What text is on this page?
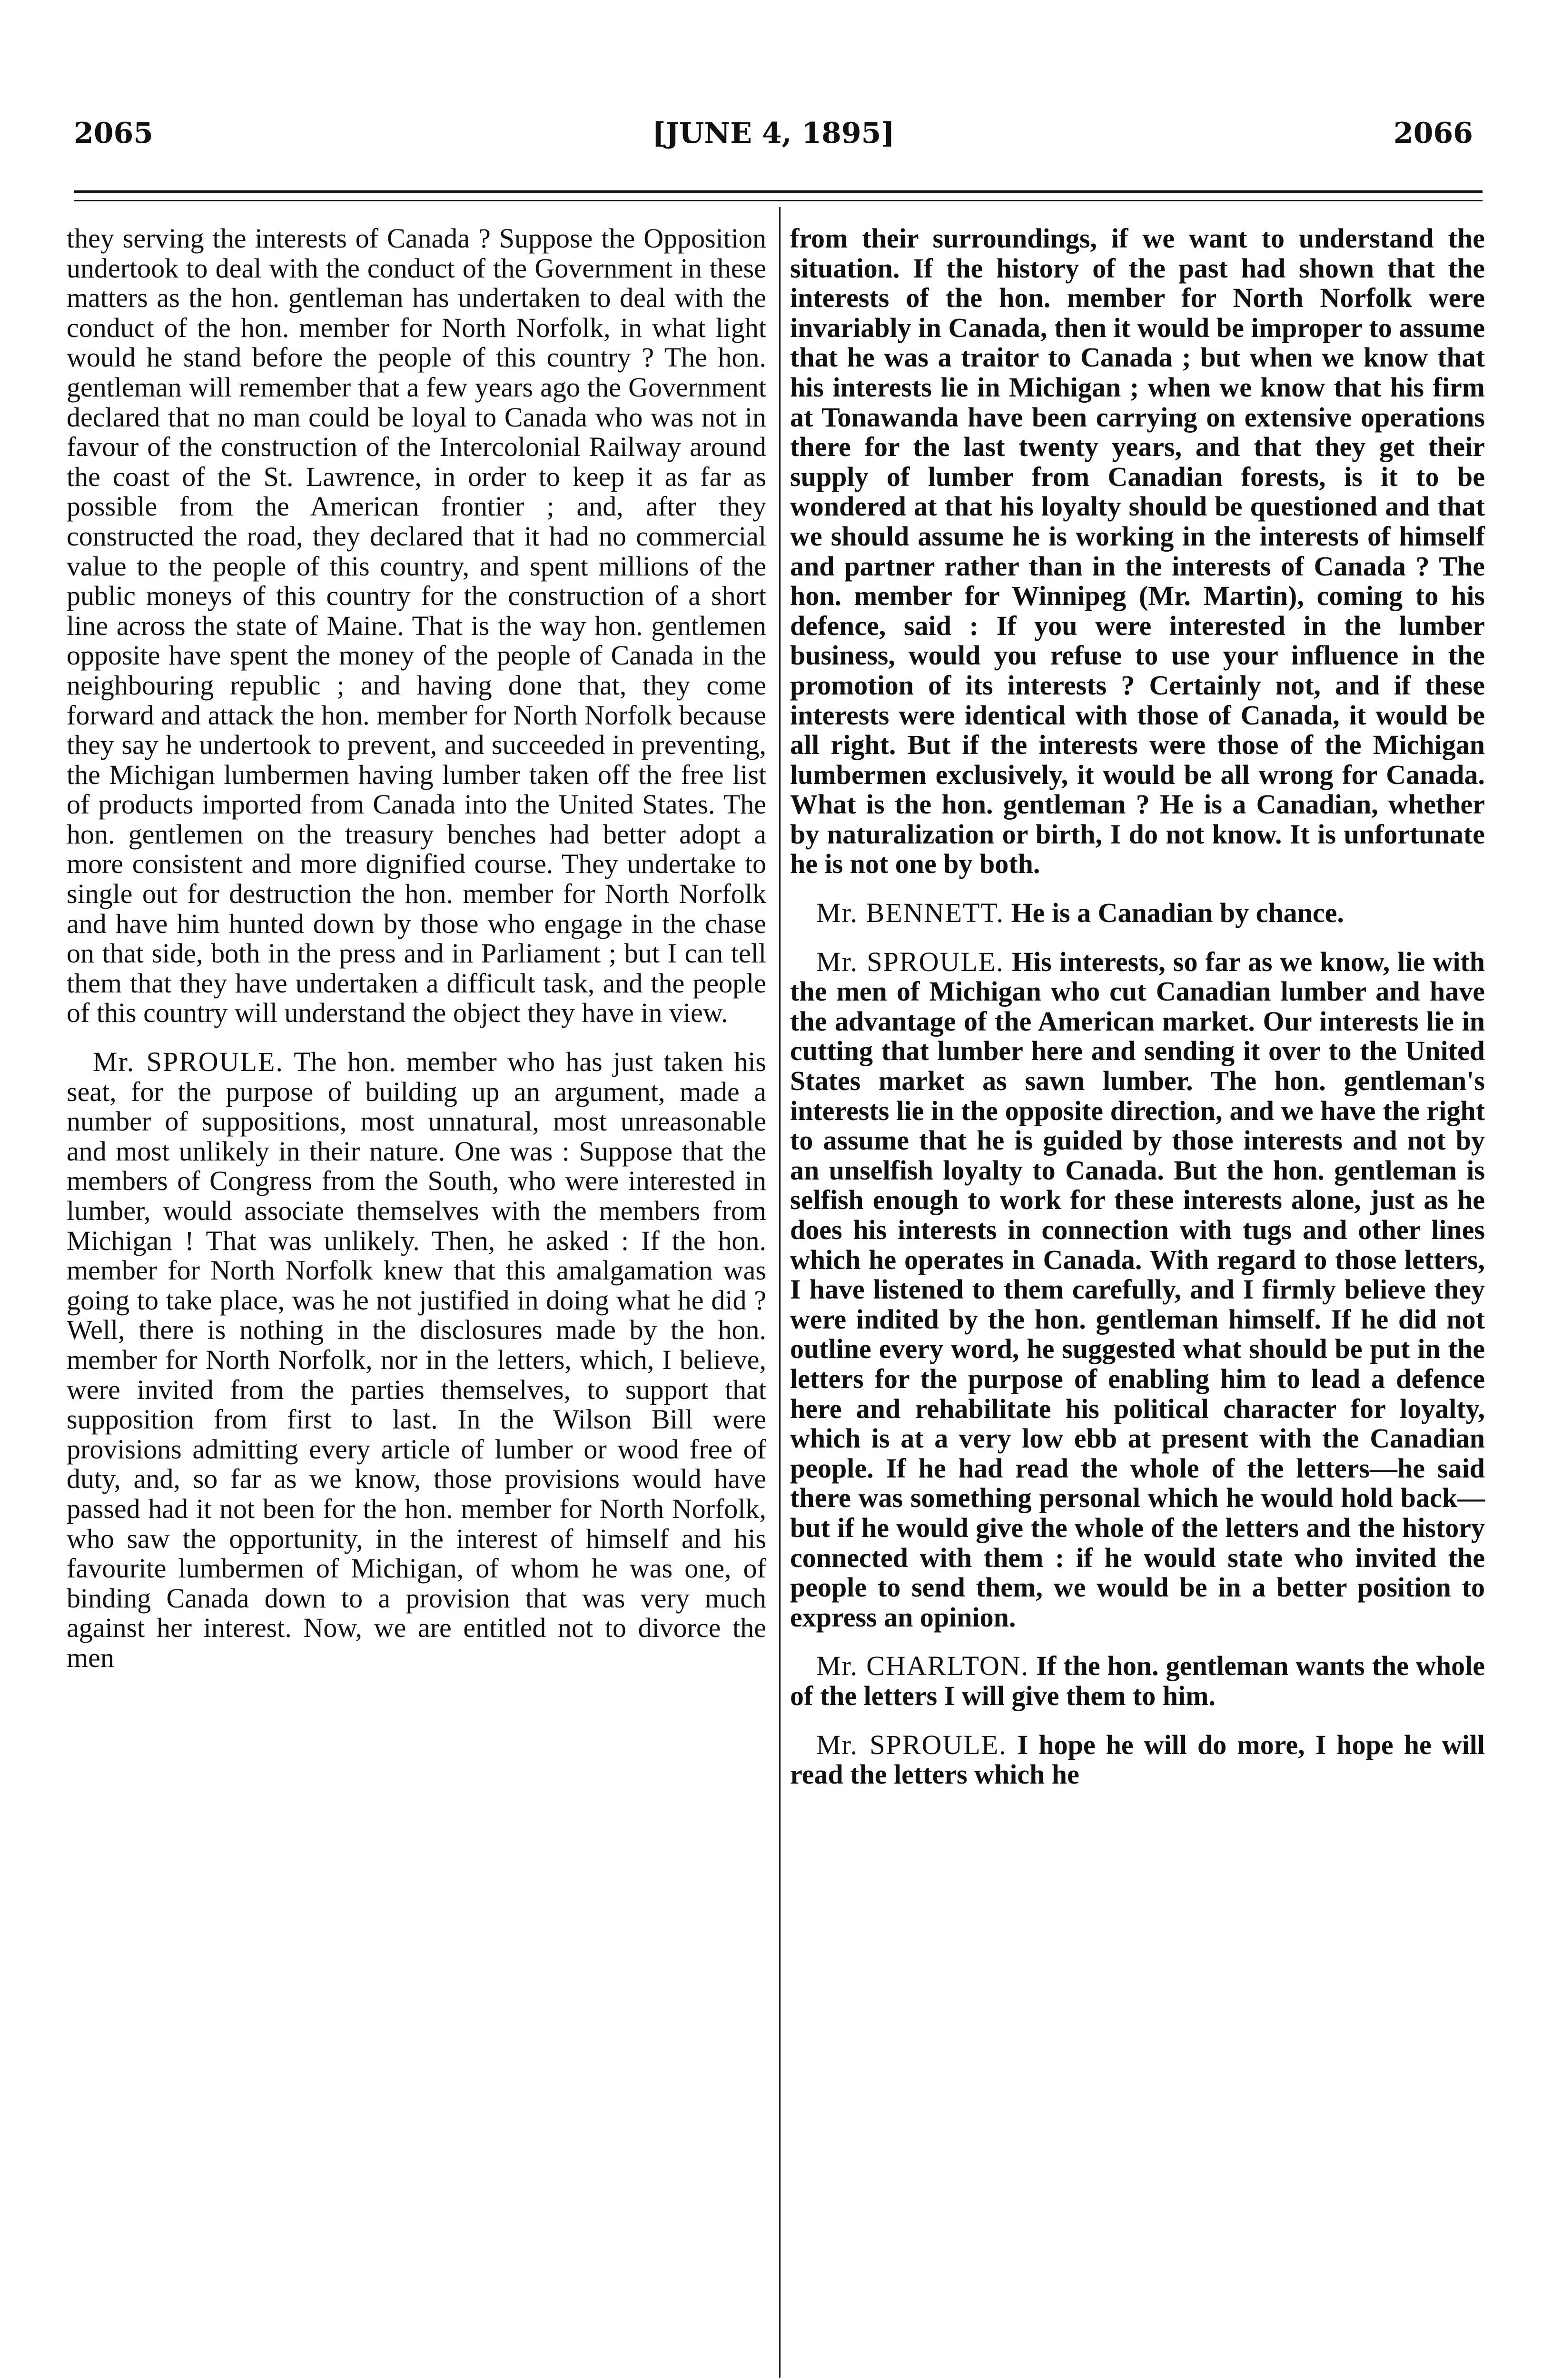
2065	[JUNE 4, 1895]	2066

they serving the interests of Canada ? Suppose the Opposition undertook to deal with the conduct of the Government in these matters as the hon. gentleman has undertaken to deal with the conduct of the hon. member for North Norfolk, in what light would he stand before the people of this country ? The hon. gentleman will remember that a few years ago the Government declared that no man could be loyal to Canada who was not in favour of the construction of the Intercolonial Railway around the coast of the St. Lawrence, in order to keep it as far as possible from the American frontier ; and, after they constructed the road, they declared that it had no commercial value to the people of this country, and spent millions of the public moneys of this country for the construction of a short line across the state of Maine. That is the way hon. gentlemen opposite have spent the money of the people of Canada in the neighbouring republic ; and having done that, they come forward and attack the hon. member for North Norfolk because they say he undertook to prevent, and succeeded in preventing, the Michigan lumbermen having lumber taken off the free list of products imported from Canada into the United States. The hon. gentlemen on the treasury benches had better adopt a more consistent and more dignified course. They undertake to single out for destruction the hon. member for North Norfolk and have him hunted down by those who engage in the chase on that side, both in the press and in Parliament ; but I can tell them that they have undertaken a difficult task, and the people of this country will understand the object they have in view.

Mr. SPROULE. The hon. member who has just taken his seat, for the purpose of building up an argument, made a number of suppositions, most unnatural, most unreasonable and most unlikely in their nature. One was : Suppose that the members of Congress from the South, who were interested in lumber, would associate themselves with the members from Michigan ! That was unlikely. Then, he asked : If the hon. member for North Norfolk knew that this amalgamation was going to take place, was he not justified in doing what he did ? Well, there is nothing in the disclosures made by the hon. member for North Norfolk, nor in the letters, which, I believe, were invited from the parties themselves, to support that supposition from first to last. In the Wilson Bill were provisions admitting every article of lumber or wood free of duty, and, so far as we know, those provisions would have passed had it not been for the hon. member for North Norfolk, who saw the opportunity, in the interest of himself and his favourite lumbermen of Michigan, of whom he was one, of binding Canada down to a provision that was very much against her interest. Now, we are entitled not to divorce the men

from their surroundings, if we want to understand the situation. If the history of the past had shown that the interests of the hon. member for North Norfolk were invariably in Canada, then it would be improper to assume that he was a traitor to Canada ; but when we know that his interests lie in Michigan ; when we know that his firm at Tonawanda have been carrying on extensive operations there for the last twenty years, and that they get their supply of lumber from Canadian forests, is it to be wondered at that his loyalty should be questioned and that we should assume he is working in the interests of himself and partner rather than in the interests of Canada ? The hon. member for Winnipeg (Mr. Martin), coming to his defence, said : If you were interested in the lumber business, would you refuse to use your influence in the promotion of its interests ? Certainly not, and if these interests were identical with those of Canada, it would be all right. But if the interests were those of the Michigan lumbermen exclusively, it would be all wrong for Canada. What is the hon. gentleman ? He is a Canadian, whether by naturalization or birth, I do not know. It is unfortunate he is not one by both.

Mr. BENNETT. He is a Canadian by chance.

Mr. SPROULE. His interests, so far as we know, lie with the men of Michigan who cut Canadian lumber and have the advantage of the American market. Our interests lie in cutting that lumber here and sending it over to the United States market as sawn lumber. The hon. gentleman's interests lie in the opposite direction, and we have the right to assume that he is guided by those interests and not by an unselfish loyalty to Canada. But the hon. gentleman is selfish enough to work for these interests alone, just as he does his interests in connection with tugs and other lines which he operates in Canada. With regard to those letters, I have listened to them carefully, and I firmly believe they were indited by the hon. gentleman himself. If he did not outline every word, he suggested what should be put in the letters for the purpose of enabling him to lead a defence here and rehabilitate his political character for loyalty, which is at a very low ebb at present with the Canadian people. If he had read the whole of the letters—he said there was something personal which he would hold back—but if he would give the whole of the letters and the history connected with them : if he would state who invited the people to send them, we would be in a better position to express an opinion.

Mr. CHARLTON. If the hon. gentleman wants the whole of the letters I will give them to him.

Mr. SPROULE. I hope he will do more, I hope he will read the letters which he
